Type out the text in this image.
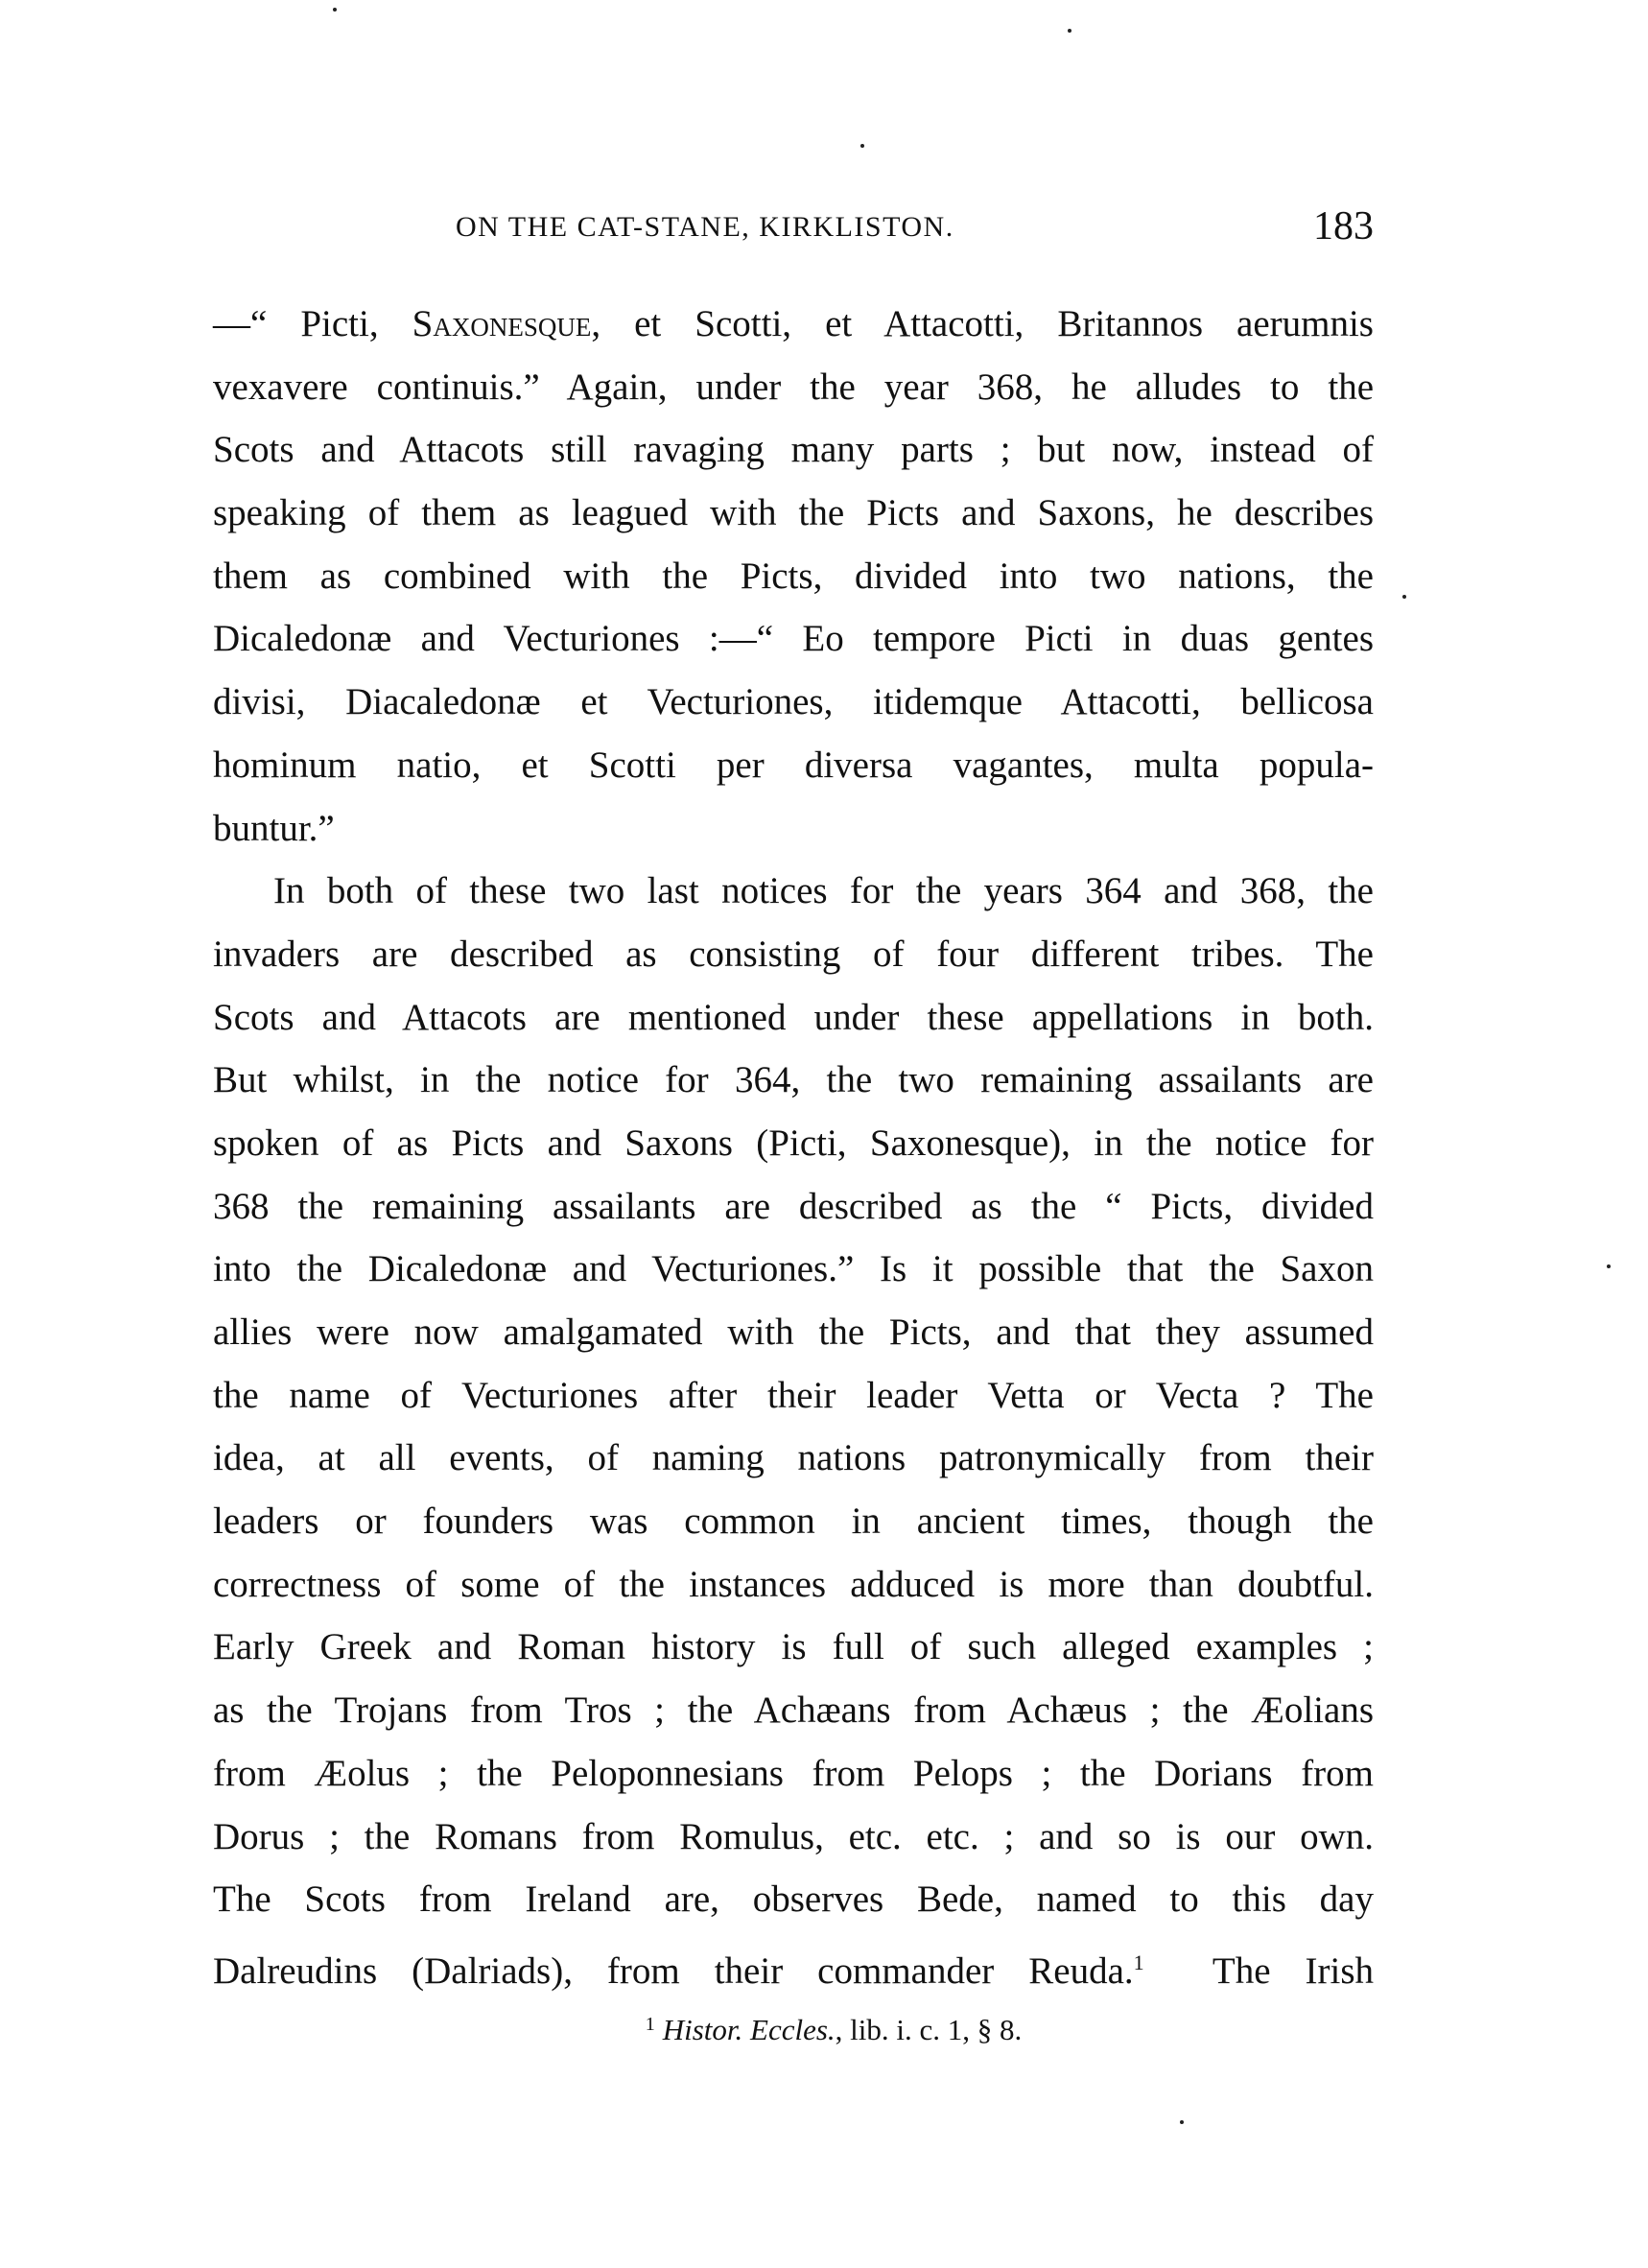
ON THE CAT-STANE, KIRKLISTON.	183
—“ Picti, Saxonesque, et Scotti, et Attacotti, Britannos aerumnis
vexavere continuis.” Again, under the year 368, he alludes to the
Scots and Attacots still ravaging many parts ; but now, instead of
speaking of them as leagued with the Picts and Saxons, he describes
them as combined with the Picts, divided into two nations, the
Dicaledonæ and Vecturiones :—“ Eo tempore Picti in duas gentes
divisi, Diacaledonæ et Vecturiones, itidemque Attacotti, bellicosa
hominum natio, et Scotti per diversa vagantes, multa popula-
buntur.”
In both of these two last notices for the years 364 and 368, the
invaders are described as consisting of four different tribes. The
Scots and Attacots are mentioned under these appellations in both.
But whilst, in the notice for 364, the two remaining assailants are
spoken of as Picts and Saxons (Picti, Saxonesque), in the notice for
368 the remaining assailants are described as the “ Picts, divided
into the Dicaledonæ and Vecturiones.” Is it possible that the Saxon
allies were now amalgamated with the Picts, and that they assumed
the name of Vecturiones after their leader Vetta or Vecta ? The
idea, at all events, of naming nations patronymically from their
leaders or founders was common in ancient times, though the
correctness of some of the instances adduced is more than doubtful.
Early Greek and Roman history is full of such alleged examples ;
as the Trojans from Tros ; the Achæans from Achæus ; the Æolians
from Æolus ; the Peloponnesians from Pelops ; the Dorians from
Dorus ; the Romans from Romulus, etc. etc. ; and so is our own.
The Scots from Ireland are, observes Bede, named to this day
Dalreudins (Dalriads), from their commander Reuda.$^1$  The Irish
$^1$ Histor. Eccles., lib. i. c. 1, § 8.
